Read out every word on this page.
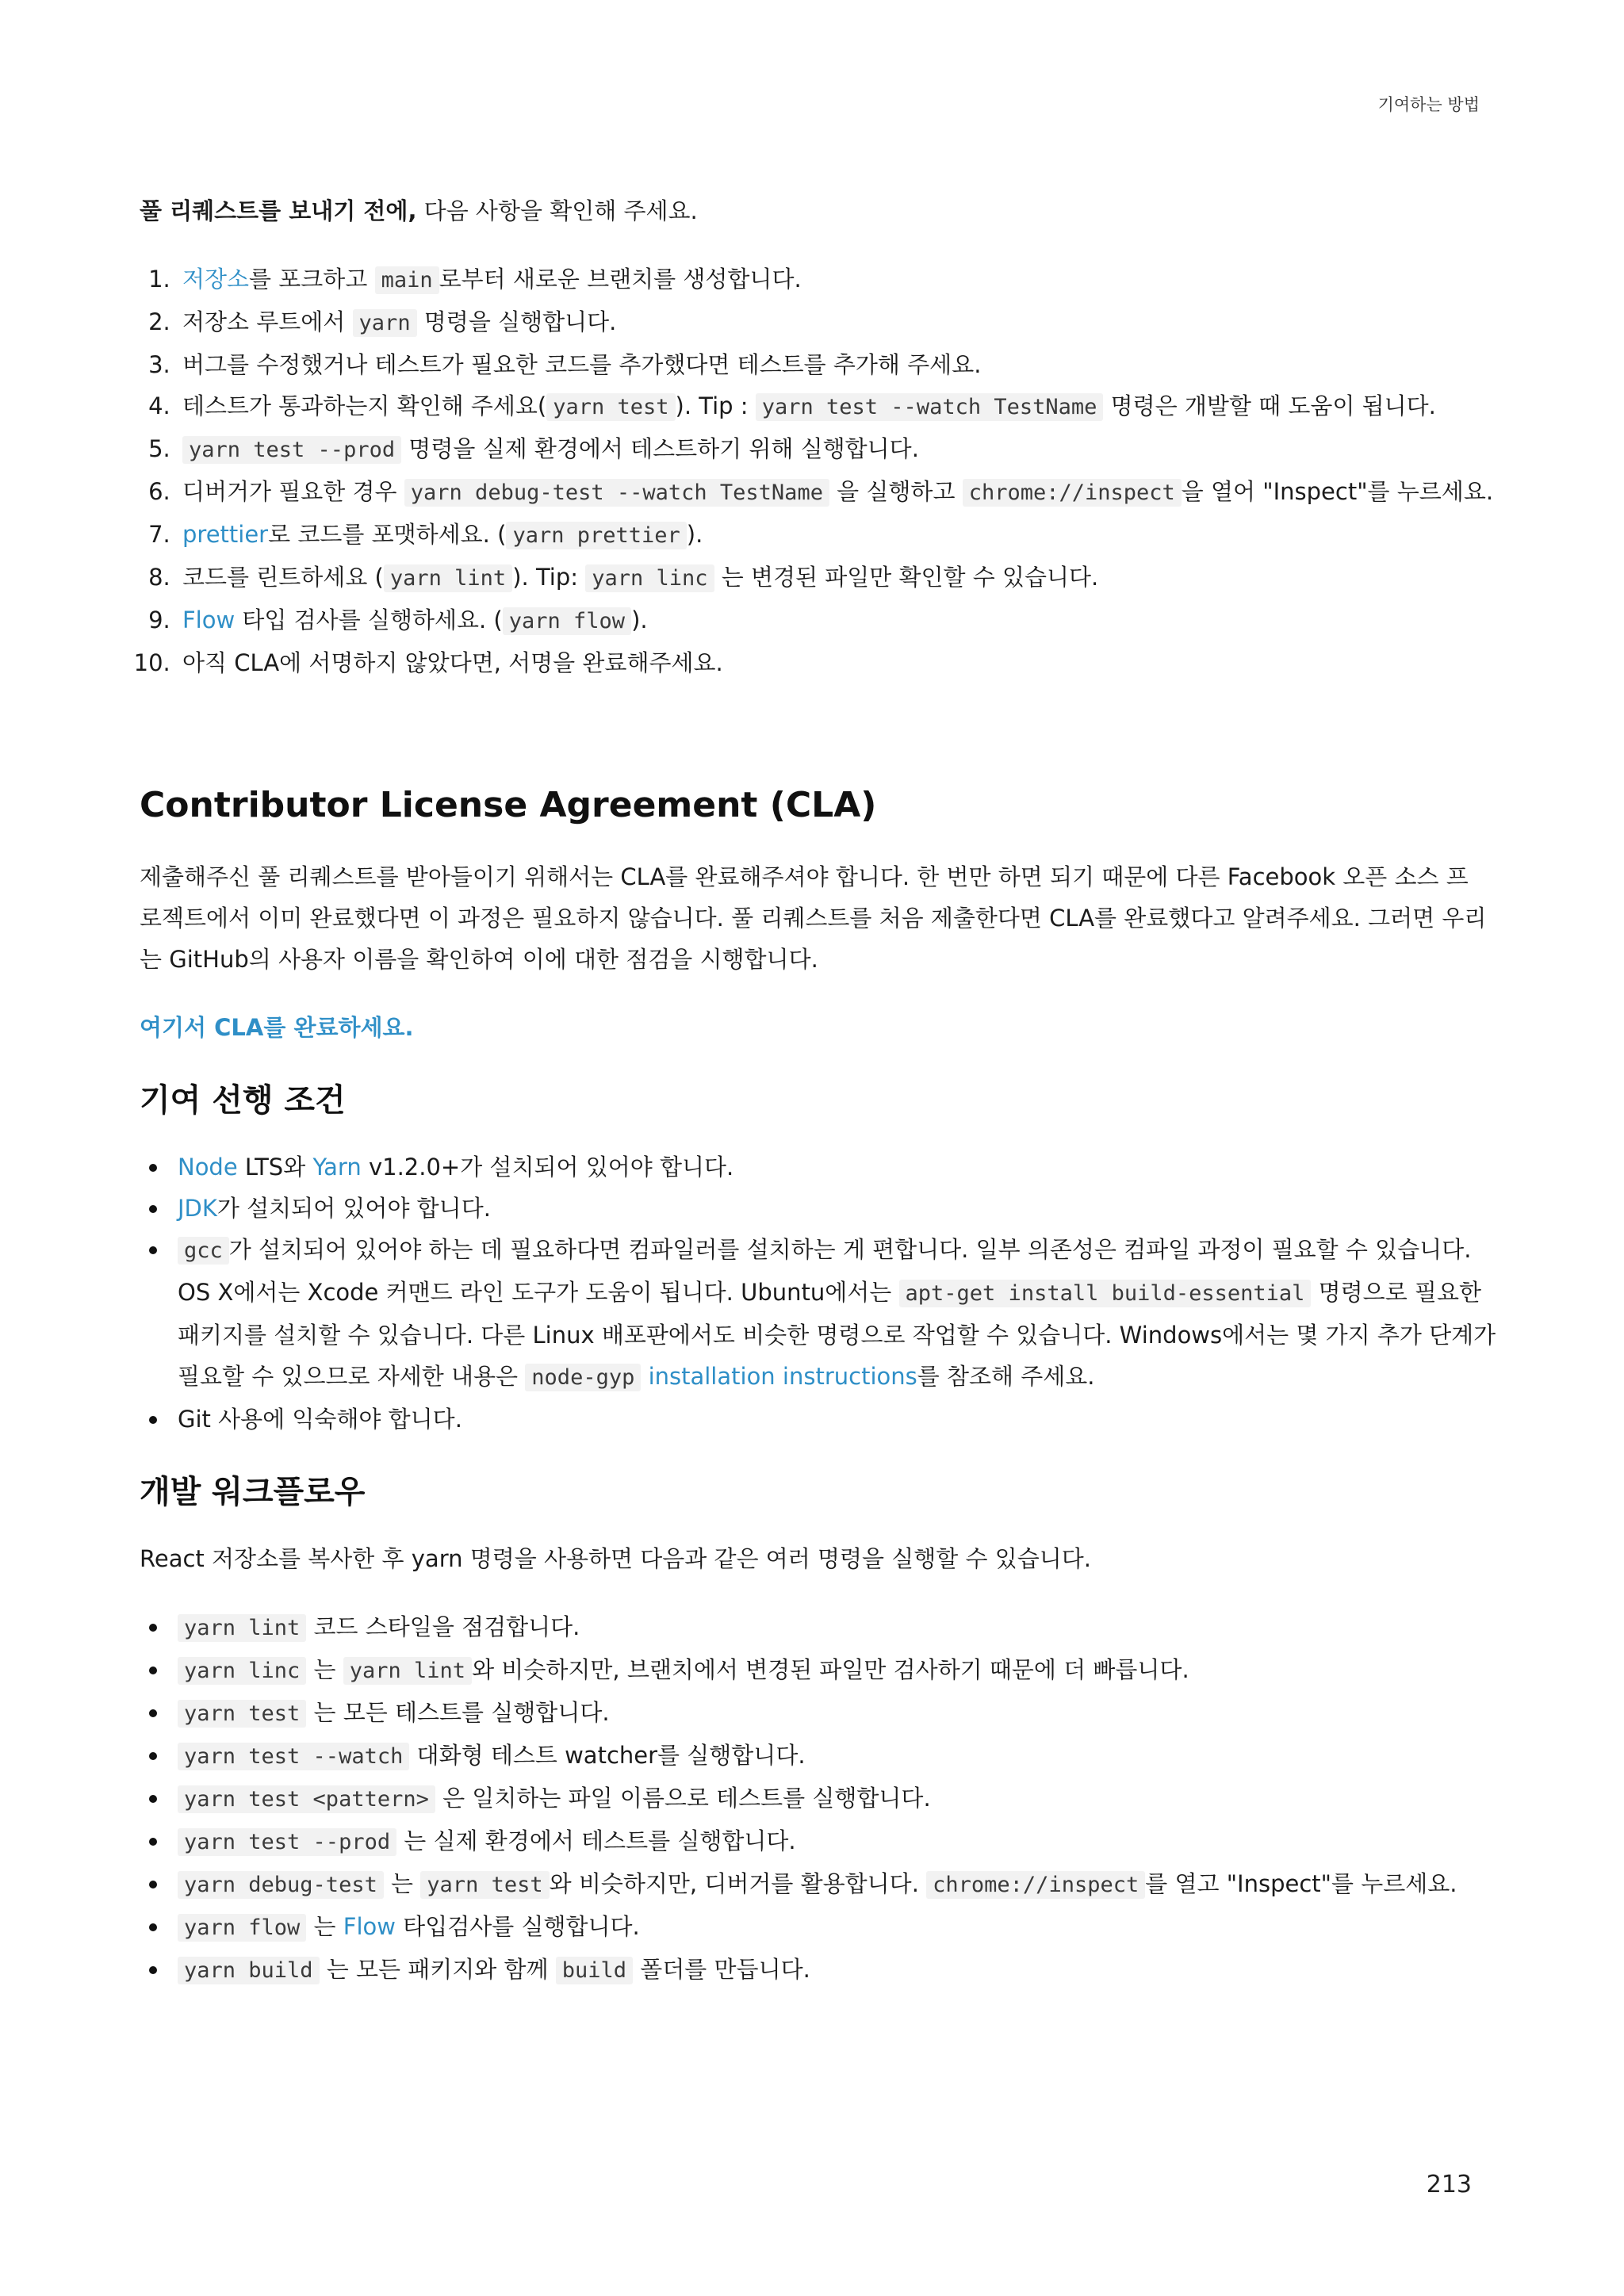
기여하는 방법

풀 리퀘스트를 보내기 전에, 다음 사항을 확인해 주세요.

1. 저장소를 포크하고 main 로부터 새로운 브랜치를 생성합니다.
2. 저장소 루트에서 yarn 명령을 실행합니다.
3. 버그를 수정했거나 테스트가 필요한 코드를 추가했다면 테스트를 추가해 주세요.
4. 테스트가 통과하는지 확인해 주세요( yarn test ). Tip : yarn test --watch TestName 명령은 개발할 때 도움이 됩니다.
5. yarn test --prod 명령을 실제 환경에서 테스트하기 위해 실행합니다.
6. 디버거가 필요한 경우 yarn debug-test --watch TestName 을 실행하고 chrome://inspect 을 열어 "Inspect"를 누르세요.
7. prettier로 코드를 포맷하세요. ( yarn prettier ).
8. 코드를 린트하세요 ( yarn lint ). Tip: yarn linc 는 변경된 파일만 확인할 수 있습니다.
9. Flow 타입 검사를 실행하세요. ( yarn flow ).
10. 아직 CLA에 서명하지 않았다면, 서명을 완료해주세요.
Contributor License Agreement (CLA)

제출해주신 풀 리퀘스트를 받아들이기 위해서는 CLA를 완료해주셔야 합니다. 한 번만 하면 되기 때문에 다른 Facebook 오픈 소스 프로젝트에서 이미 완료했다면 이 과정은 필요하지 않습니다. 풀 리퀘스트를 처음 제출한다면 CLA를 완료했다고 알려주세요. 그러면 우리는 GitHub의 사용자 이름을 확인하여 이에 대한 점검을 시행합니다.

여기서 CLA를 완료하세요.

기여 선행 조건
Node LTS와 Yarn v1.2.0+가 설치되어 있어야 합니다.
JDK가 설치되어 있어야 합니다.
gcc 가 설치되어 있어야 하는 데 필요하다면 컴파일러를 설치하는 게 편합니다. 일부 의존성은 컴파일 과정이 필요할 수 있습니다. OS X에서는 Xcode 커맨드 라인 도구가 도움이 됩니다. Ubuntu에서는 apt-get install build-essential 명령으로 필요한 패키지를 설치할 수 있습니다. 다른 Linux 배포판에서도 비슷한 명령으로 작업할 수 있습니다. Windows에서는 몇 가지 추가 단계가 필요할 수 있으므로 자세한 내용은 node-gyp installation instructions를 참조해 주세요.
Git 사용에 익숙해야 합니다.
개발 워크플로우

React 저장소를 복사한 후 yarn 명령을 사용하면 다음과 같은 여러 명령을 실행할 수 있습니다.

yarn lint 코드 스타일을 점검합니다.
yarn linc 는 yarn lint 와 비슷하지만, 브랜치에서 변경된 파일만 검사하기 때문에 더 빠릅니다.
yarn test 는 모든 테스트를 실행합니다.
yarn test --watch 대화형 테스트 watcher를 실행합니다.
yarn test <pattern> 은 일치하는 파일 이름으로 테스트를 실행합니다.
yarn test --prod 는 실제 환경에서 테스트를 실행합니다.
yarn debug-test 는 yarn test 와 비슷하지만, 디버거를 활용합니다. chrome://inspect 를 열고 "Inspect"를 누르세요.
yarn flow 는 Flow 타입검사를 실행합니다.
yarn build 는 모든 패키지와 함께 build 폴더를 만듭니다.
213
